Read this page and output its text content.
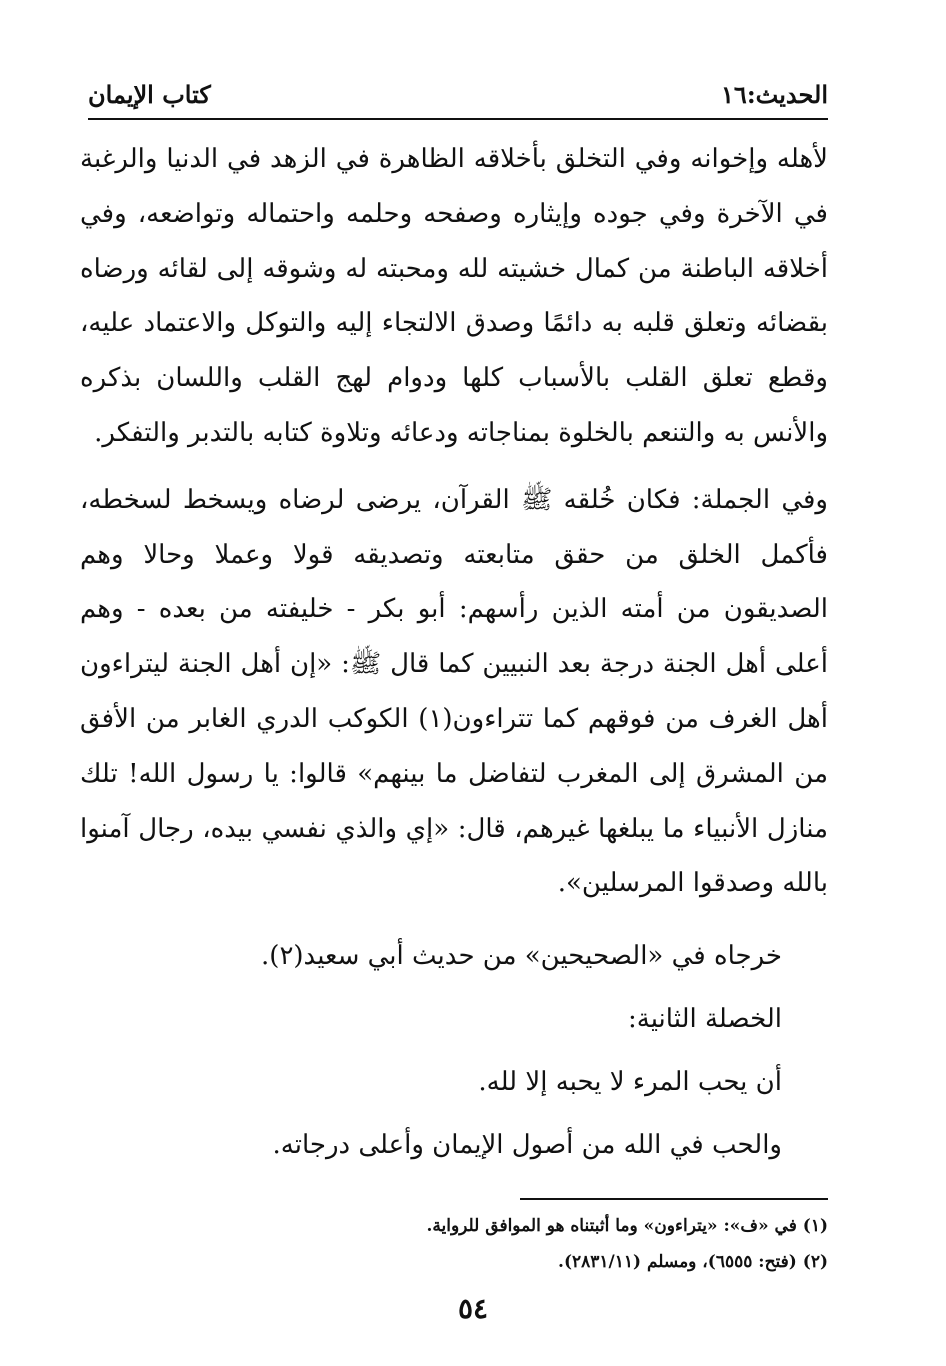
الحديث:١٦
كتاب الإيمان

لأهله وإخوانه وفي التخلق بأخلاقه الظاهرة في الزهد في الدنيا والرغبة في الآخرة وفي جوده وإيثاره وصفحه وحلمه واحتماله وتواضعه، وفي أخلاقه الباطنة من كمال خشيته لله ومحبته له وشوقه إلى لقائه ورضاه بقضائه وتعلق قلبه به دائمًا وصدق الالتجاء إليه والتوكل والاعتماد عليه، وقطع تعلق القلب بالأسباب كلها ودوام لهج القلب واللسان بذكره والأنس به والتنعم بالخلوة بمناجاته ودعائه وتلاوة كتابه بالتدبر والتفكر.

وفي الجملة: فكان خُلقه ﷺ القرآن، يرضى لرضاه ويسخط لسخطه، فأكمل الخلق من حقق متابعته وتصديقه قولا وعملا وحالا وهم الصديقون من أمته الذين رأسهم: أبو بكر - خليفته من بعده - وهم أعلى أهل الجنة درجة بعد النبيين كما قال ﷺ: «إن أهل الجنة ليتراءون أهل الغرف من فوقهم كما تتراءون(١) الكوكب الدري الغابر من الأفق من المشرق إلى المغرب لتفاضل ما بينهم» قالوا: يا رسول الله! تلك منازل الأنبياء ما يبلغها غيرهم، قال: «إي والذي نفسي بيده، رجال آمنوا بالله وصدقوا المرسلين».

خرجاه في «الصحيحين» من حديث أبي سعيد(٢).

الخصلة الثانية:

أن يحب المرء لا يحبه إلا لله.

والحب في الله من أصول الإيمان وأعلى درجاته.

(١) في «ف»: «يتراءون» وما أثبتناه هو الموافق للرواية.

(٢) (فتح: ٦٥٥٥)، ومسلم (٢٨٣١/١١).

٥٤
